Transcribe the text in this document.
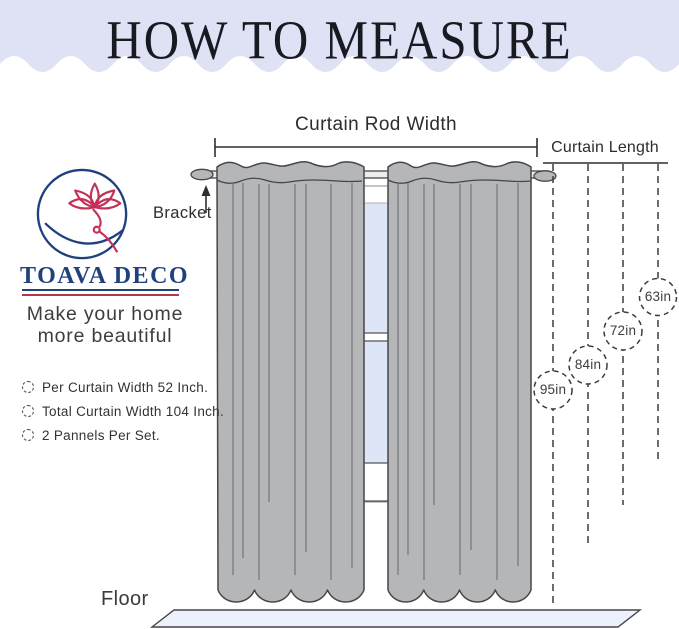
HOW TO MEASURE
Curtain Rod Width
Curtain Length
Bracket
Floor
95in
84in
72in
63in
TOAVA DECO
Make your home
more beautiful
Per Curtain Width 52 Inch.
Total Curtain Width 104 Inch.
2 Pannels Per Set.
